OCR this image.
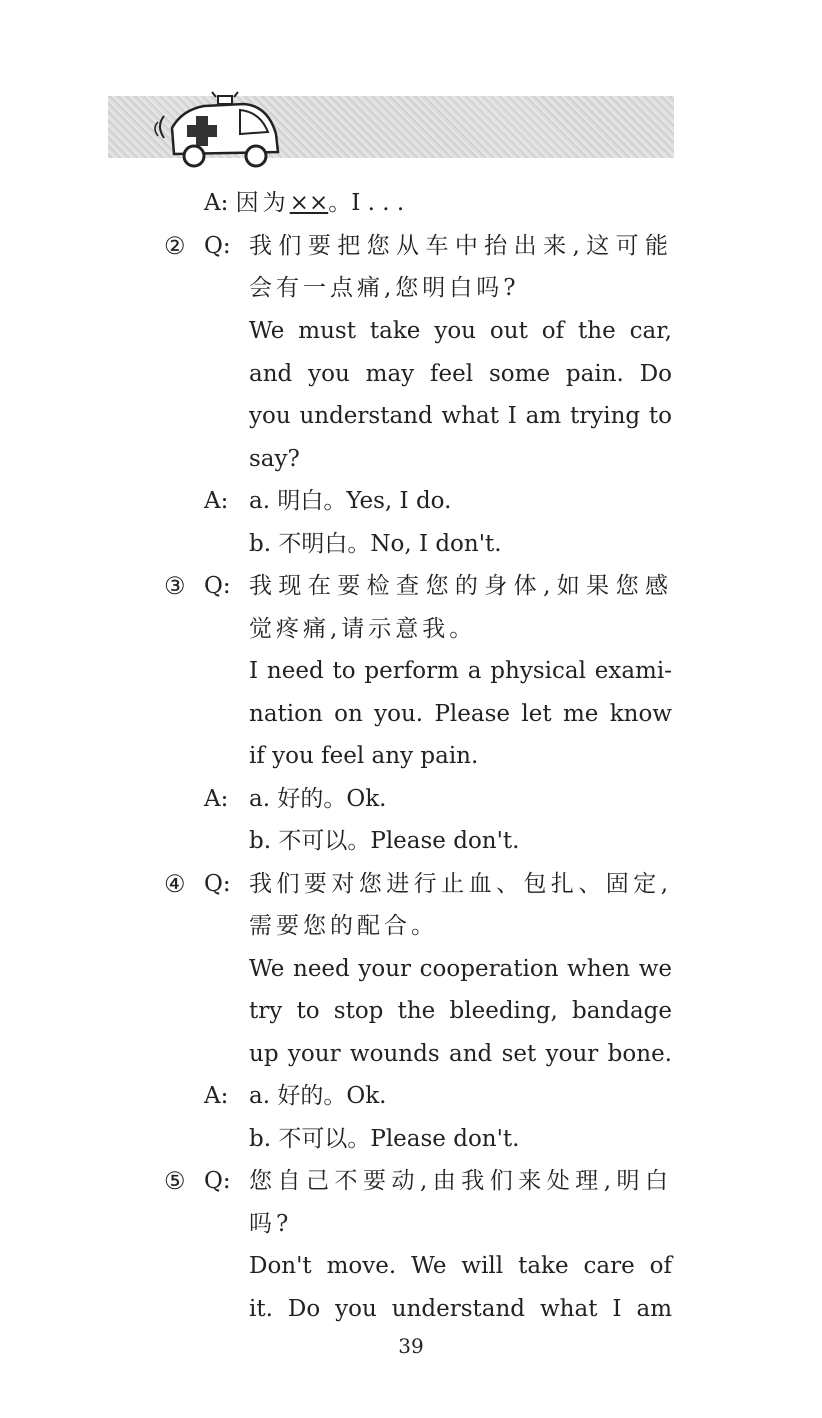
A: 因为××。I . . .
② Q: 我们要把您从车中抬出来,这可能
会有一点痛,您明白吗?
We must take you out of the car,
and you may feel some pain. Do
you understand what I am trying to
say?
A: a. 明白。Yes, I do.
b. 不明白。No, I don't.
③ Q: 我现在要检查您的身体,如果您感
觉疼痛,请示意我。
I need to perform a physical exami-
nation on you. Please let me know
if you feel any pain.
A: a. 好的。Ok.
b. 不可以。Please don't.
④ Q: 我们要对您进行止血、包扎、固定,
需要您的配合。
We need your cooperation when we
try to stop the bleeding, bandage
up your wounds and set your bone.
A: a. 好的。Ok.
b. 不可以。Please don't.
⑤ Q: 您自己不要动,由我们来处理,明白
吗?
Don't move. We will take care of
it. Do you understand what I am
39
